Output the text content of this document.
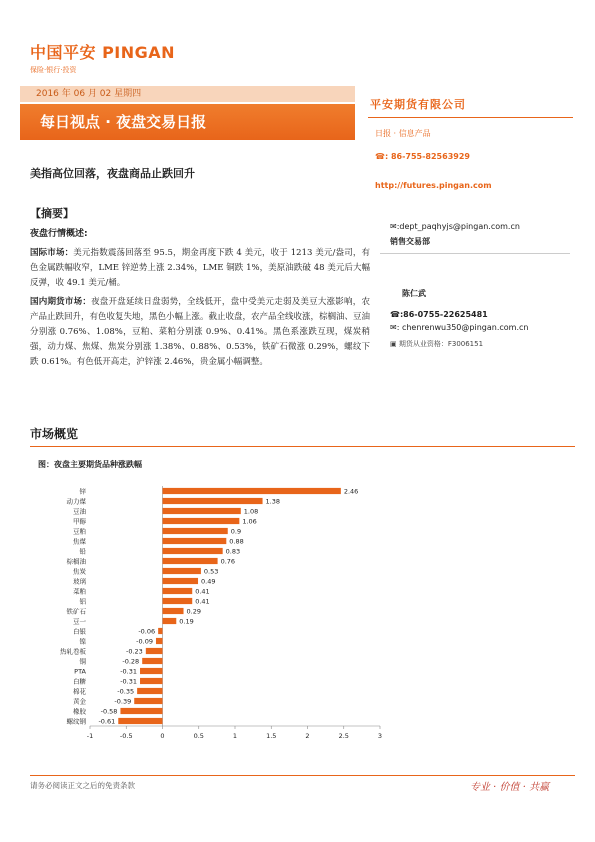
中国平安 PINGAN
保险·银行·投资
2016 年 06 月 02 星期四
每日视点 · 夜盘交易日报
平安期货有限公司
日报 · 信息产品
☎: 86-755-82563929
http://futures.pingan.com
美指高位回落，夜盘商品止跌回升
✉:dept_paqhyjs@pingan.com.cn
销售交易部
陈仁武
☎:86-0755-22625481
✉: chenrenwu350@pingan.com.cn
▣ 期货从业资格：F3006151
【摘要】
夜盘行情概述:
国际市场：美元指数震荡回落至 95.5，期金再度下跌 4 美元，收于 1213 美元/盎司，有色金属跌幅收窄，LME 锌逆势上涨 2.34%，LME 铜跌 1%，美原油跌破 48 美元后大幅反弹，收 49.1 美元/桶。
国内期货市场：夜盘开盘延续日盘弱势，全线低开，盘中受美元走弱及美豆大涨影响，农产品止跌回升，有色收复失地，黑色小幅上涨。截止收盘，农产品全线收涨，棕榈油、豆油分别涨 0.76%、1.08%，豆粕、菜粕分别涨 0.9%、0.41%。黑色系涨跌互现，煤炭稍强，动力煤、焦煤、焦炭分别涨 1.38%、0.88%、0.53%，铁矿石微涨 0.29%，螺纹下跌 0.61%。有色低开高走，沪锌涨 2.46%，贵金属小幅调整。
市场概览
图：夜盘主要期货品种涨跌幅
锌	2.46
动力煤	1.38
豆油	1.08
甲醇	1.06
豆粕	0.9
焦煤	0.88
铅	0.83
棕榈油	0.76
焦炭	0.53
玻璃	0.49
菜粕	0.41
铝	0.41
铁矿石	0.29
豆一	0.19
白银	-0.06
镍	-0.09
热轧卷板	-0.23
铜	-0.28
PTA	-0.31
白糖	-0.31
棉花	-0.35
黄金	-0.39
橡胶 -0.58
螺纹钢 -0.61
-1	-0.5	0	0.5	1	1.5	2	2.5	3
请务必阅读正文之后的免责条款	专业 · 价值 · 共赢
